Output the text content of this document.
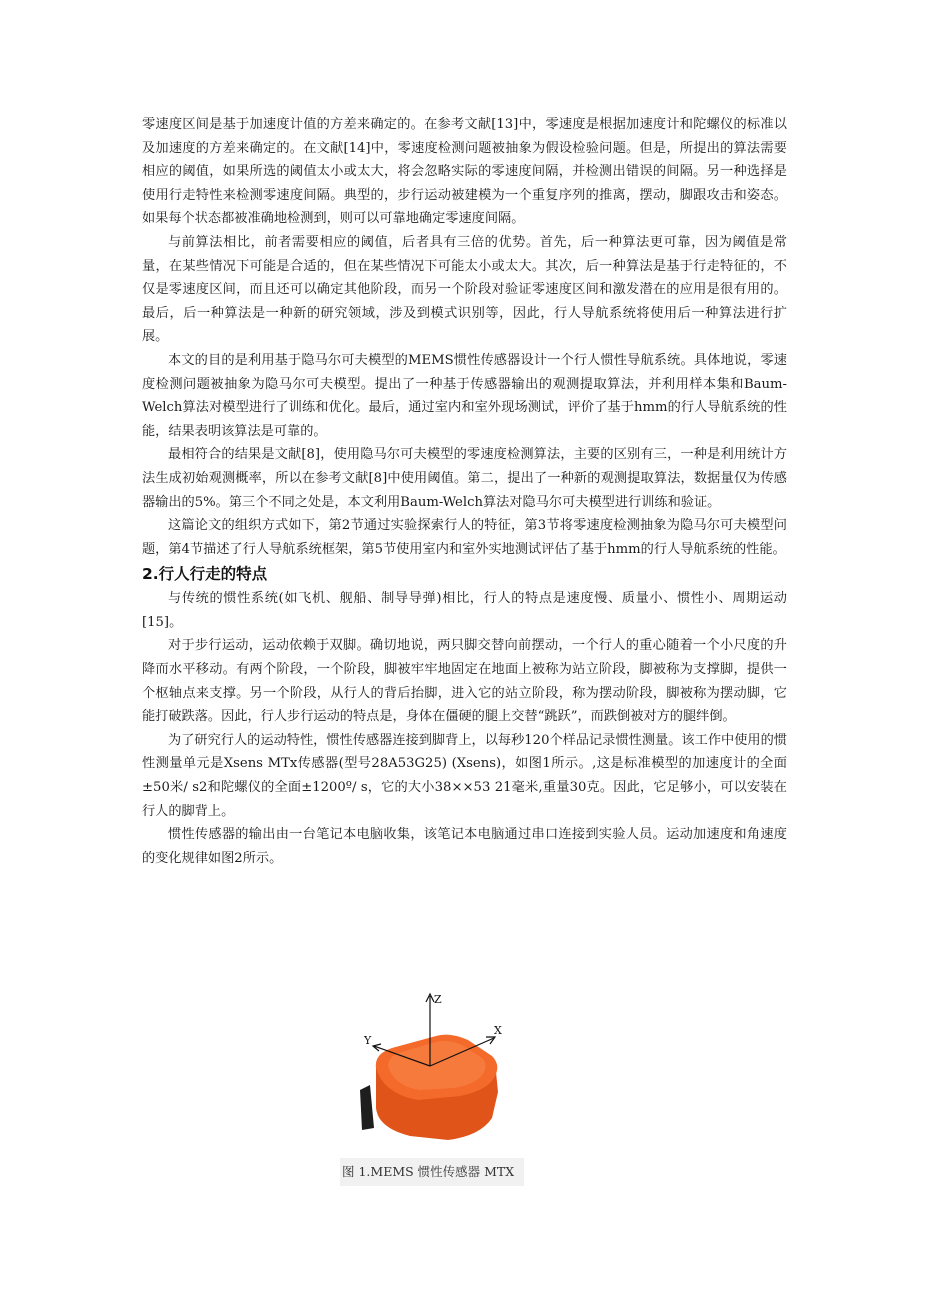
零速度区间是基于加速度计值的方差来确定的。在参考文献[13]中，零速度是根据加速度计和陀螺仪的标准以及加速度的方差来确定的。在文献[14]中，零速度检测问题被抽象为假设检验问题。但是，所提出的算法需要相应的阈值，如果所选的阈值太小或太大，将会忽略实际的零速度间隔，并检测出错误的间隔。另一种选择是使用行走特性来检测零速度间隔。典型的，步行运动被建模为一个重复序列的推离，摆动，脚跟攻击和姿态。如果每个状态都被准确地检测到，则可以可靠地确定零速度间隔。

与前算法相比，前者需要相应的阈值，后者具有三倍的优势。首先，后一种算法更可靠，因为阈值是常量，在某些情况下可能是合适的，但在某些情况下可能太小或太大。其次，后一种算法是基于行走特征的，不仅是零速度区间，而且还可以确定其他阶段，而另一个阶段对验证零速度区间和激发潜在的应用是很有用的。最后，后一种算法是一种新的研究领域，涉及到模式识别等，因此，行人导航系统将使用后一种算法进行扩展。

本文的目的是利用基于隐马尔可夫模型的MEMS惯性传感器设计一个行人惯性导航系统。具体地说，零速度检测问题被抽象为隐马尔可夫模型。提出了一种基于传感器输出的观测提取算法，并利用样本集和Baum-Welch算法对模型进行了训练和优化。最后，通过室内和室外现场测试，评价了基于hmm的行人导航系统的性能，结果表明该算法是可靠的。

最相符合的结果是文献[8]，使用隐马尔可夫模型的零速度检测算法，主要的区别有三，一种是利用统计方法生成初始观测概率，所以在参考文献[8]中使用阈值。第二，提出了一种新的观测提取算法，数据量仅为传感器输出的5%。第三个不同之处是，本文利用Baum-Welch算法对隐马尔可夫模型进行训练和验证。

这篇论文的组织方式如下，第2节通过实验探索行人的特征，第3节将零速度检测抽象为隐马尔可夫模型问题，第4节描述了行人导航系统框架，第5节使用室内和室外实地测试评估了基于hmm的行人导航系统的性能。

2.行人行走的特点

与传统的惯性系统(如飞机、舰船、制导导弹)相比，行人的特点是速度慢、质量小、惯性小、周期运动[15]。

对于步行运动，运动依赖于双脚。确切地说，两只脚交替向前摆动，一个行人的重心随着一个小尺度的升降而水平移动。有两个阶段，一个阶段，脚被牢牢地固定在地面上被称为站立阶段，脚被称为支撑脚，提供一个枢轴点来支撑。另一个阶段，从行人的背后抬脚，进入它的站立阶段，称为摆动阶段，脚被称为摆动脚，它能打破跌落。因此，行人步行运动的特点是，身体在僵硬的腿上交替“跳跃”，而跌倒被对方的腿绊倒。

为了研究行人的运动特性，惯性传感器连接到脚背上，以每秒120个样品记录惯性测量。该工作中使用的惯性测量单元是Xsens MTx传感器(型号28A53G25) (Xsens)，如图1所示。,这是标准模型的加速度计的全面±50米/ s2和陀螺仪的全面±1200º/ s，它的大小38××53 21毫米,重量30克。因此，它足够小，可以安装在行人的脚背上。

惯性传感器的输出由一台笔记本电脑收集，该笔记本电脑通过串口连接到实验人员。运动加速度和角速度的变化规律如图2所示。

Z
Y
X
图 1.MEMS 惯性传感器 MTX
